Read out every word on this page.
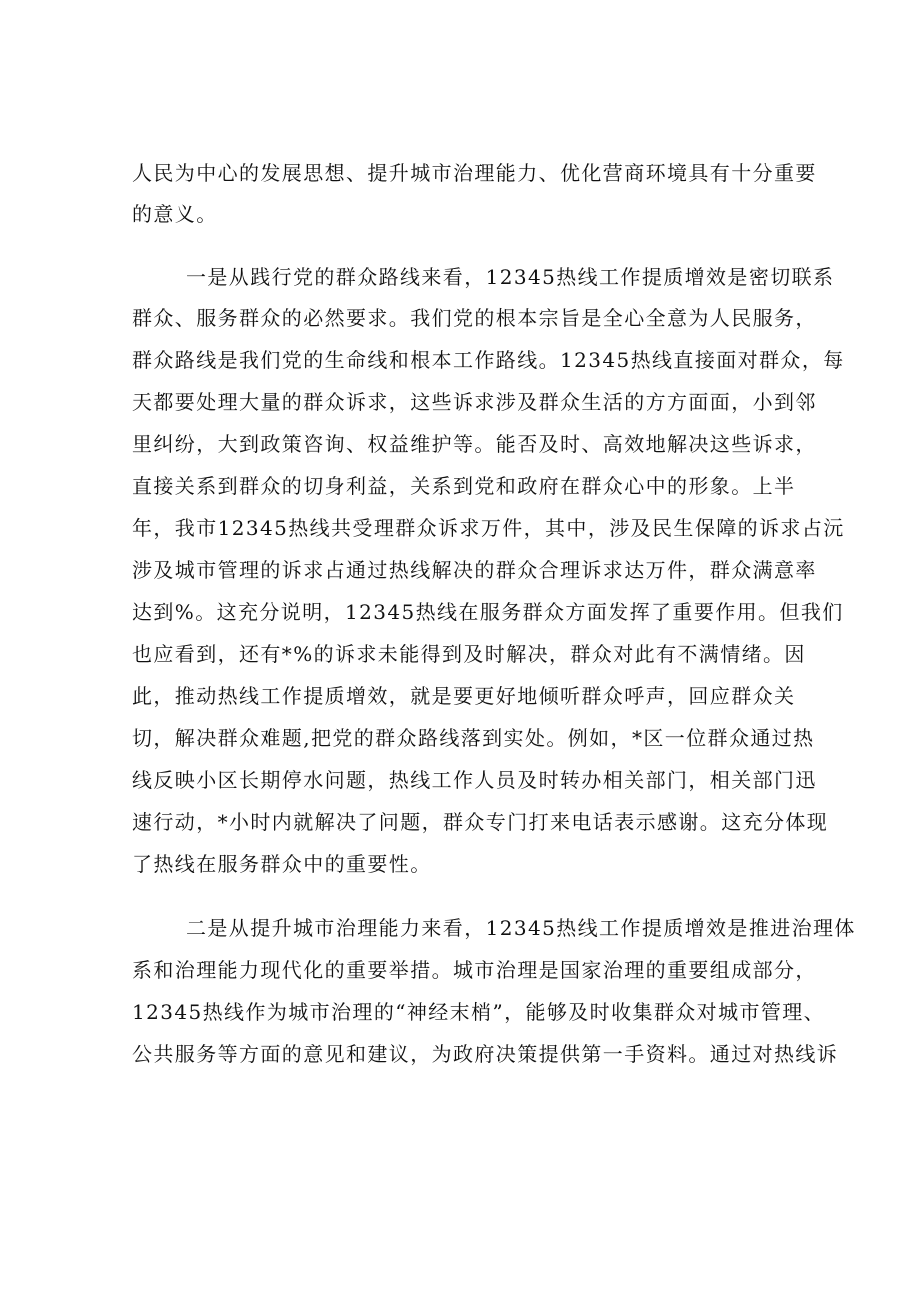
人民为中心的发展思想、提升城市治理能力、优化营商环境具有十分重要

的意义。

一是从践行党的群众路线来看，12345热线工作提质增效是密切联系

群众、服务群众的必然要求。我们党的根本宗旨是全心全意为人民服务，

群众路线是我们党的生命线和根本工作路线。12345热线直接面对群众，每

天都要处理大量的群众诉求，这些诉求涉及群众生活的方方面面，小到邻

里纠纷，大到政策咨询、权益维护等。能否及时、高效地解决这些诉求，

直接关系到群众的切身利益，关系到党和政府在群众心中的形象。上半

年，我市12345热线共受理群众诉求万件，其中，涉及民生保障的诉求占沅

涉及城市管理的诉求占通过热线解决的群众合理诉求达万件，群众满意率

达到%。这充分说明，12345热线在服务群众方面发挥了重要作用。但我们

也应看到，还有*%的诉求未能得到及时解决，群众对此有不满情绪。因

此，推动热线工作提质增效，就是要更好地倾听群众呼声，回应群众关

切，解决群众难题,把党的群众路线落到实处。例如，*区一位群众通过热

线反映小区长期停水问题，热线工作人员及时转办相关部门，相关部门迅

速行动，*小时内就解决了问题，群众专门打来电话表示感谢。这充分体现

了热线在服务群众中的重要性。

二是从提升城市治理能力来看，12345热线工作提质增效是推进治理体

系和治理能力现代化的重要举措。城市治理是国家治理的重要组成部分，

12345热线作为城市治理的“神经末梢”，能够及时收集群众对城市管理、

公共服务等方面的意见和建议，为政府决策提供第一手资料。通过对热线诉
